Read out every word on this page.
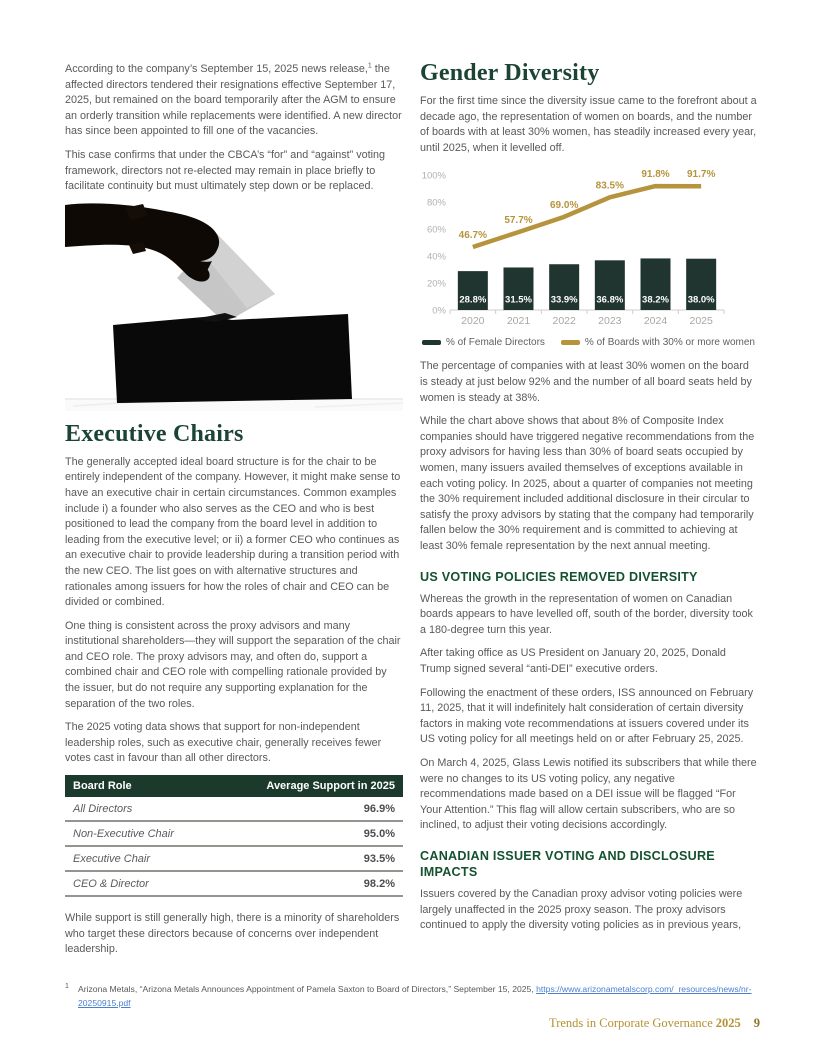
According to the company’s September 15, 2025 news release,$^1$ the affected directors tendered their resignations effective September 17, 2025, but remained on the board temporarily after the AGM to ensure an orderly transition while replacements were identified. A new director has since been appointed to fill one of the vacancies.

This case confirms that under the CBCA’s “for” and “against” voting framework, directors not re-elected may remain in place briefly to facilitate continuity but must ultimately step down or be replaced.

Executive Chairs

The generally accepted ideal board structure is for the chair to be entirely independent of the company. However, it might make sense to have an executive chair in certain circumstances. Common examples include i) a founder who also serves as the CEO and who is best positioned to lead the company from the board level in addition to leading from the executive level; or ii) a former CEO who continues as an executive chair to provide leadership during a transition period with the new CEO. The list goes on with alternative structures and rationales among issuers for how the roles of chair and CEO can be divided or combined.

One thing is consistent across the proxy advisors and many institutional shareholders—they will support the separation of the chair and CEO role. The proxy advisors may, and often do, support a combined chair and CEO role with compelling rationale provided by the issuer, but do not require any supporting explanation for the separation of the two roles.

The 2025 voting data shows that support for non-independent leadership roles, such as executive chair, generally receives fewer votes cast in favour than all other directors.

Board Role	Average Support in 2025
All Directors	96.9%
Non-Executive Chair	95.0%
Executive Chair	93.5%
CEO & Director	98.2%

While support is still generally high, there is a minority of shareholders who target these directors because of concerns over independent leadership.

Gender Diversity

For the first time since the diversity issue came to the forefront about a decade ago, the representation of women on boards, and the number of boards with at least 30% women, has steadily increased every year, until 2025, when it levelled off.

0%
20%
40%
60%
80%
100%
28.8% 31.5% 33.9% 36.8% 38.2% 38.0%
2020 2021 2022 2023 2024 2025
46.7%
57.7%
69.0%
83.5%
91.8% 91.7%
% of Female Directors	% of Boards with 30% or more women

The percentage of companies with at least 30% women on the board is steady at just below 92% and the number of all board seats held by women is steady at 38%.

While the chart above shows that about 8% of Composite Index companies should have triggered negative recommendations from the proxy advisors for having less than 30% of board seats occupied by women, many issuers availed themselves of exceptions available in each voting policy. In 2025, about a quarter of companies not meeting the 30% requirement included additional disclosure in their circular to satisfy the proxy advisors by stating that the company had temporarily fallen below the 30% requirement and is committed to achieving at least 30% female representation by the next annual meeting.

US VOTING POLICIES REMOVED DIVERSITY

Whereas the growth in the representation of women on Canadian boards appears to have levelled off, south of the border, diversity took a 180-degree turn this year.

After taking office as US President on January 20, 2025, Donald Trump signed several “anti-DEI” executive orders.

Following the enactment of these orders, ISS announced on February 11, 2025, that it will indefinitely halt consideration of certain diversity factors in making vote recommendations at issuers covered under its US voting policy for all meetings held on or after February 25, 2025.

On March 4, 2025, Glass Lewis notified its subscribers that while there were no changes to its US voting policy, any negative recommendations made based on a DEI issue will be flagged “For Your Attention.” This flag will allow certain subscribers, who are so inclined, to adjust their voting decisions accordingly.

CANADIAN ISSUER VOTING AND DISCLOSURE IMPACTS

Issuers covered by the Canadian proxy advisor voting policies were largely unaffected in the 2025 proxy season. The proxy advisors continued to apply the diversity voting policies as in previous years,

1 Arizona Metals, “Arizona Metals Announces Appointment of Pamela Saxton to Board of Directors,” September 15, 2025, https://www.arizonametalscorp.com/_resources/news/nr-20250915.pdf
Trends in Corporate Governance 2025 9
